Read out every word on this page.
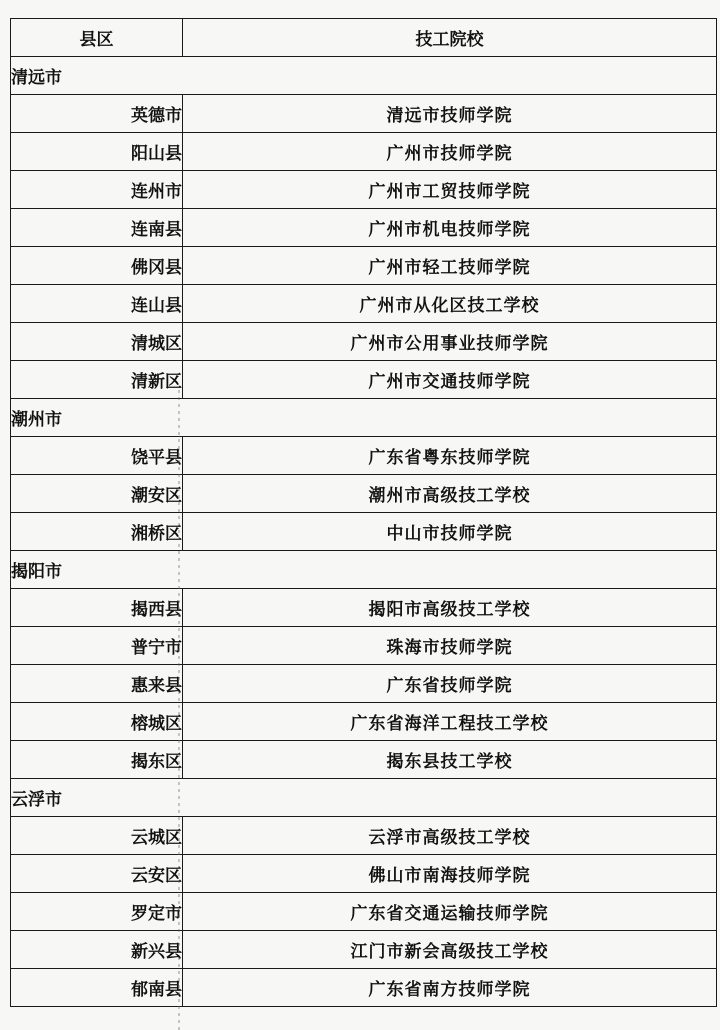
县区	技工院校
清远市	
英德市	清远市技师学院
阳山县	广州市技师学院
连州市	广州市工贸技师学院
连南县	广州市机电技师学院
佛冈县	广州市轻工技师学院
连山县	广州市从化区技工学校
清城区	广州市公用事业技师学院
清新区	广州市交通技师学院
潮州市	
饶平县	广东省粤东技师学院
潮安区	潮州市高级技工学校
湘桥区	中山市技师学院
揭阳市	
揭西县	揭阳市高级技工学校
普宁市	珠海市技师学院
惠来县	广东省技师学院
榕城区	广东省海洋工程技工学校
揭东区	揭东县技工学校
云浮市	
云城区	云浮市高级技工学校
云安区	佛山市南海技师学院
罗定市	广东省交通运输技师学院
新兴县	江门市新会高级技工学校
郁南县	广东省南方技师学院
